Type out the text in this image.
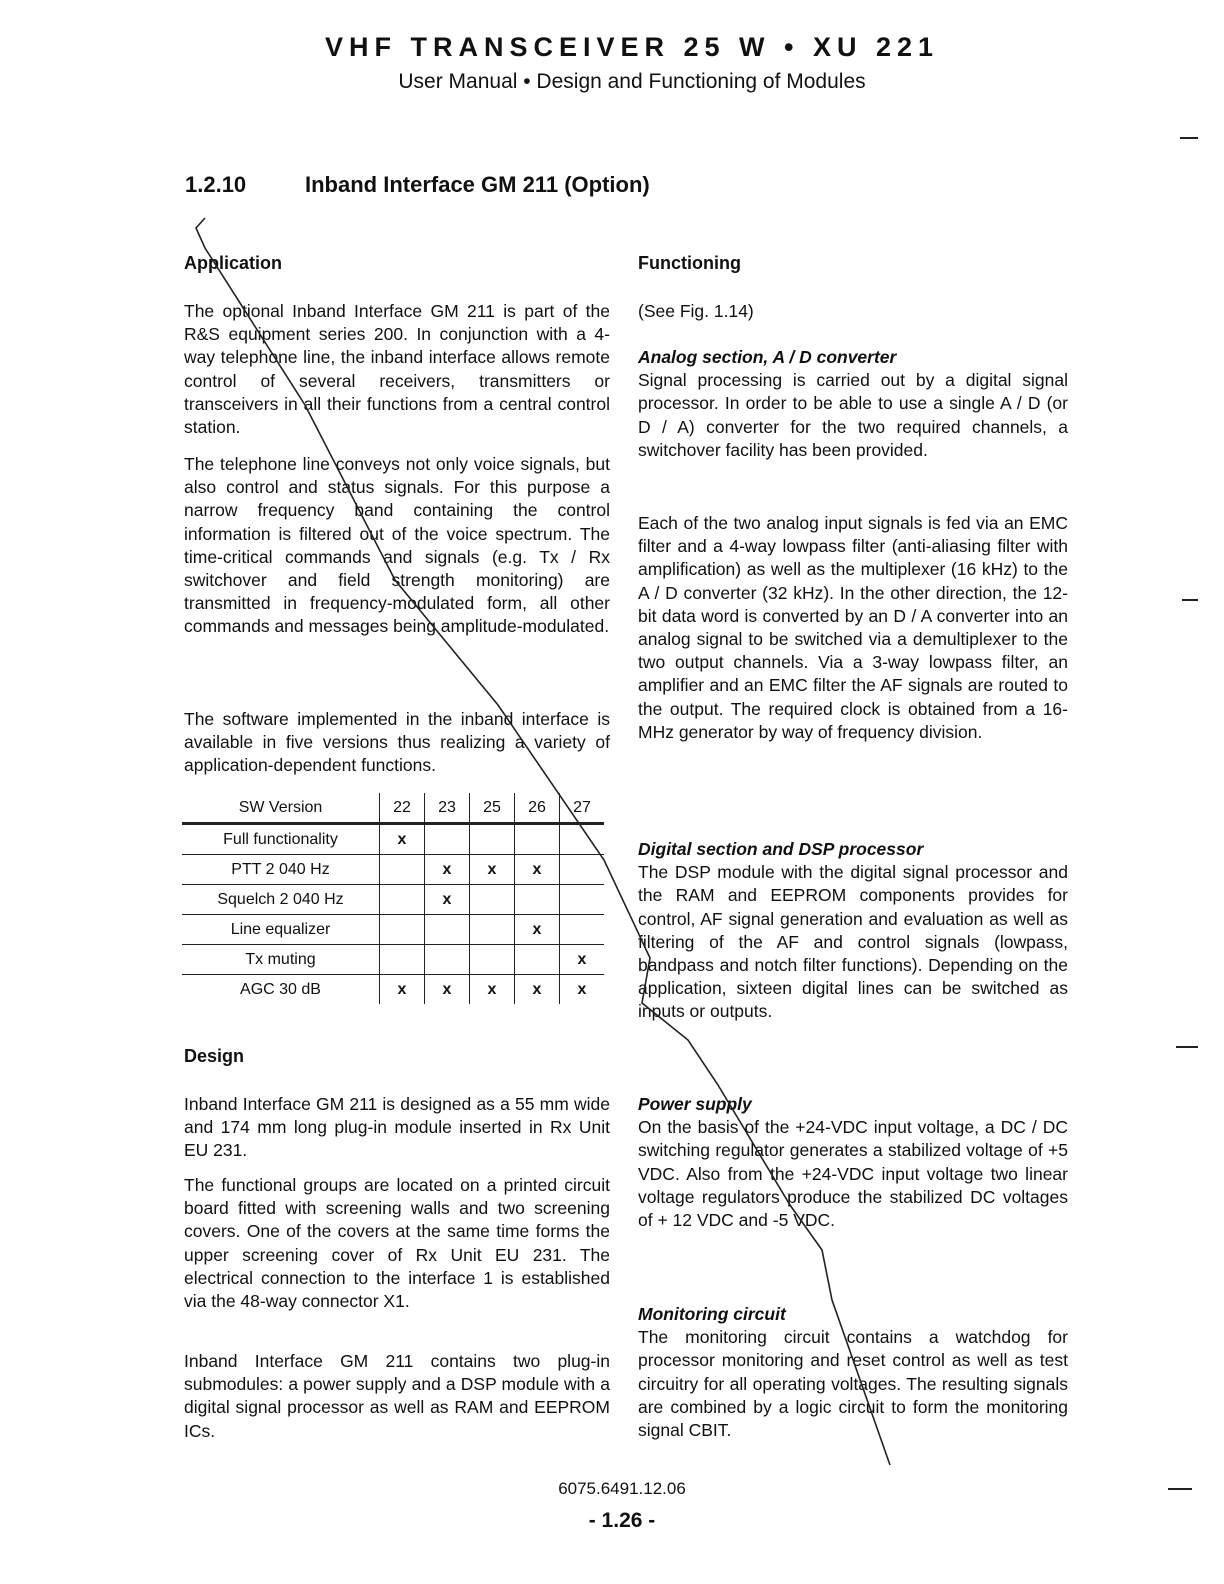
VHF TRANSCEIVER 25 W • XU 221
User Manual • Design and Functioning of Modules
1.2.10	Inband Interface GM 211 (Option)
Application

The optional Inband Interface GM 211 is part of the R&S equipment series 200. In conjunction with a 4-way telephone line, the inband interface allows remote control of several receivers, transmitters or transceivers in all their functions from a central control station.

The telephone line conveys not only voice signals, but also control and status signals. For this purpose a narrow frequency band containing the control information is filtered out of the voice spectrum. The time-critical commands and signals (e.g. Tx / Rx switchover and field strength monitoring) are transmitted in frequency-modulated form, all other commands and messages being amplitude-modulated.

The software implemented in the inband interface is available in five versions thus realizing a variety of application-dependent functions.

SW Version	22	23	25	26	27
Full functionality	x				
PTT 2 040 Hz		x	x	x	
Squelch 2 040 Hz		x			
Line equalizer				x	
Tx muting					x
AGC 30 dB	x	x	x	x	x
Design

Inband Interface GM 211 is designed as a 55 mm wide and 174 mm long plug-in module inserted in Rx Unit EU 231.

The functional groups are located on a printed circuit board fitted with screening walls and two screening covers. One of the covers at the same time forms the upper screening cover of Rx Unit EU 231. The electrical connection to the interface 1 is established via the 48-way connector X1.

Inband Interface GM 211 contains two plug-in submodules: a power supply and a DSP module with a digital signal processor as well as RAM and EEPROM ICs.

Functioning

(See Fig. 1.14)

Analog section, A / D converter

Signal processing is carried out by a digital signal processor. In order to be able to use a single A / D (or D / A) converter for the two required channels, a switchover facility has been provided.

Each of the two analog input signals is fed via an EMC filter and a 4-way lowpass filter (anti-aliasing filter with amplification) as well as the multiplexer (16 kHz) to the A / D converter (32 kHz). In the other direction, the 12-bit data word is converted by an D / A converter into an analog signal to be switched via a demultiplexer to the two output channels. Via a 3-way lowpass filter, an amplifier and an EMC filter the AF signals are routed to the output. The required clock is obtained from a 16-MHz generator by way of frequency division.

Digital section and DSP processor

The DSP module with the digital signal processor and the RAM and EEPROM components provides for control, AF signal generation and evaluation as well as filtering of the AF and control signals (lowpass, bandpass and notch filter functions). Depending on the application, sixteen digital lines can be switched as inputs or outputs.

Power supply

On the basis of the +24-VDC input voltage, a DC / DC switching regulator generates a stabilized voltage of +5 VDC. Also from the +24-VDC input voltage two linear voltage regulators produce the stabilized DC voltages of + 12 VDC and -5 VDC.

Monitoring circuit

The monitoring circuit contains a watchdog for processor monitoring and reset control as well as test circuitry for all operating voltages. The resulting signals are combined by a logic circuit to form the monitoring signal CBIT.

6075.6491.12.06
- 1.26 -
